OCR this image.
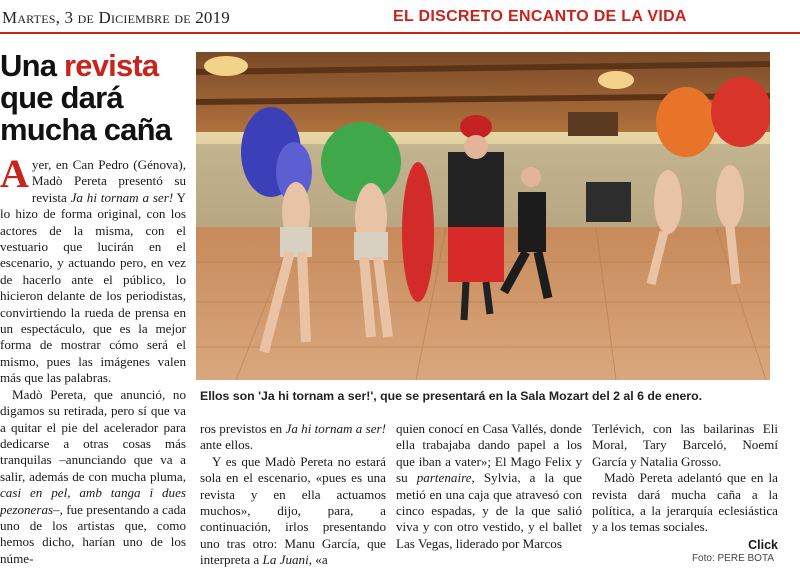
Martes, 3 de Diciembre de 2019	EL DISCRETO ENCANTO DE LA VIDA
Una revista
que dará
mucha caña

Ayer, en Can Pedro (Génova), Madò Pereta presentó su revista Ja hi tornam a ser! Y lo hizo de forma original, con los actores de la misma, con el vestuario que lucirán en el escenario, y actuando pero, en vez de hacerlo ante el público, lo hicieron delante de los periodistas, convirtiendo la rueda de prensa en un espectáculo, que es la mejor forma de mostrar cómo será el mismo, pues las imágenes valen más que las palabras.

Madò Pereta, que anunció, no digamos su retirada, pero sí que va a quitar el pie del acelerador para dedicarse a otras cosas más tranquilas –anunciando que va a salir, además de con mucha pluma, casi en pel, amb tanga i dues pezoneras–, fue presentando a cada uno de los artistas que, como hemos dicho, harían uno de los núme-

Ellos son 'Ja hi tornam a ser!', que se presentará en la Sala Mozart del 2 al 6 de enero.

ros previstos en Ja hi tornam a ser! ante ellos.

Y es que Madò Pereta no estará sola en el escenario, «pues es una revista y en ella actuamos muchos», dijo, para, a continuación, irlos presentando uno tras otro: Manu García, que interpreta a La Juani, «a

quien conocí en Casa Vallés, donde ella trabajaba dando papel a los que iban a vater»; El Mago Felix y su partenaire, Sylvia, a la que metió en una caja que atravesó con cinco espadas, y de la que salió viva y con otro vestido, y el ballet Las Vegas, liderado por Marcos

Terlévich, con las bailarinas Eli Moral, Tary Barceló, Noemí García y Natalia Grosso.

Madò Pereta adelantó que en la revista dará mucha caña a la política, a la jerarquía eclesiástica y a los temas sociales.

Click
Foto: PERE BOTA
